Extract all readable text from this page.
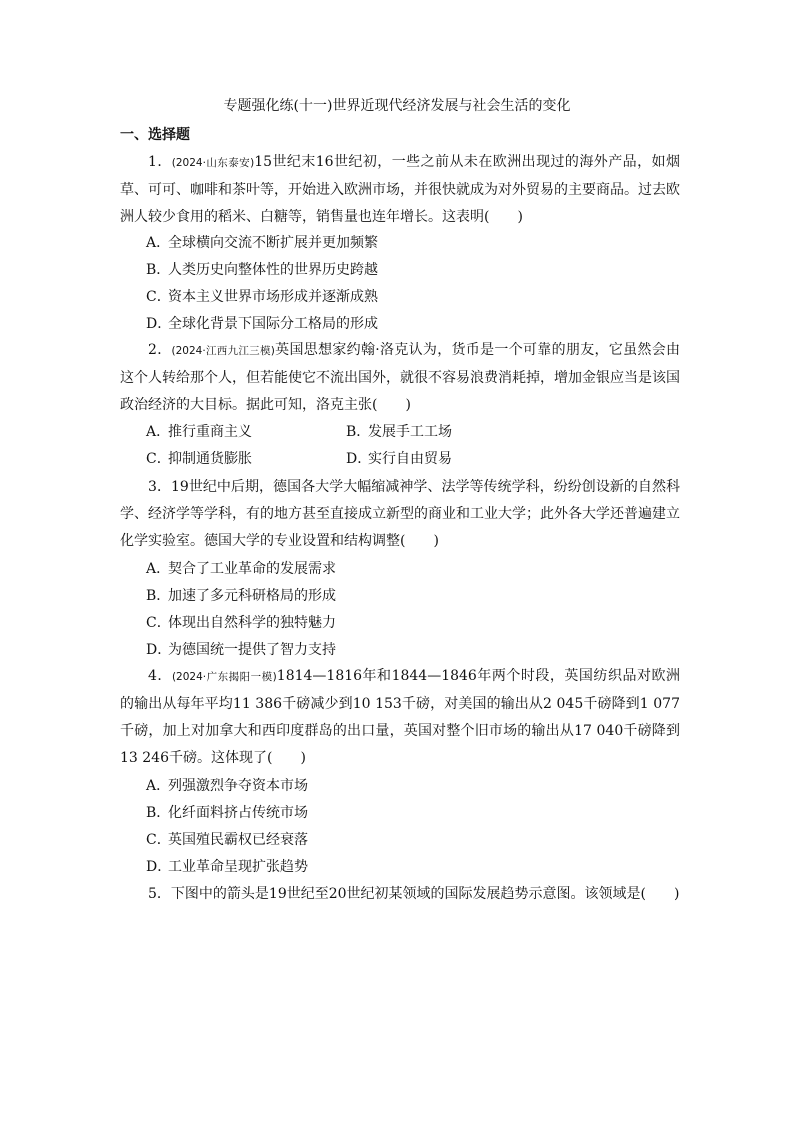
专题强化练(十一)世界近现代经济发展与社会生活的变化
一、选择题
1．(2024·山东泰安)15世纪末16世纪初，一些之前从未在欧洲出现过的海外产品，如烟草、可可、咖啡和茶叶等，开始进入欧洲市场，并很快就成为对外贸易的主要商品。过去欧洲人较少食用的稻米、白糖等，销售量也连年增长。这表明(　　)
A．全球横向交流不断扩展并更加频繁
B．人类历史向整体性的世界历史跨越
C．资本主义世界市场形成并逐渐成熟
D．全球化背景下国际分工格局的形成
2．(2024·江西九江三模)英国思想家约翰·洛克认为，货币是一个可靠的朋友，它虽然会由这个人转给那个人，但若能使它不流出国外，就很不容易浪费消耗掉，增加金银应当是该国政治经济的大目标。据此可知，洛克主张(　　)
A．推行重商主义	B．发展手工工场
C．抑制通货膨胀	D．实行自由贸易
3．19世纪中后期，德国各大学大幅缩减神学、法学等传统学科，纷纷创设新的自然科学、经济学等学科，有的地方甚至直接成立新型的商业和工业大学；此外各大学还普遍建立化学实验室。德国大学的专业设置和结构调整(　　)
A．契合了工业革命的发展需求
B．加速了多元科研格局的形成
C．体现出自然科学的独特魅力
D．为德国统一提供了智力支持
4．(2024·广东揭阳一模)1814—1816年和1844—1846年两个时段，英国纺织品对欧洲的输出从每年平均11 386千磅减少到10 153千磅，对美国的输出从2 045千磅降到1 077千磅，加上对加拿大和西印度群岛的出口量，英国对整个旧市场的输出从17 040千磅降到13 246千磅。这体现了(　　)
A．列强激烈争夺资本市场
B．化纤面料挤占传统市场
C．英国殖民霸权已经衰落
D．工业革命呈现扩张趋势
5．下图中的箭头是19世纪至20世纪初某领域的国际发展趋势示意图。该领域是(　　)
